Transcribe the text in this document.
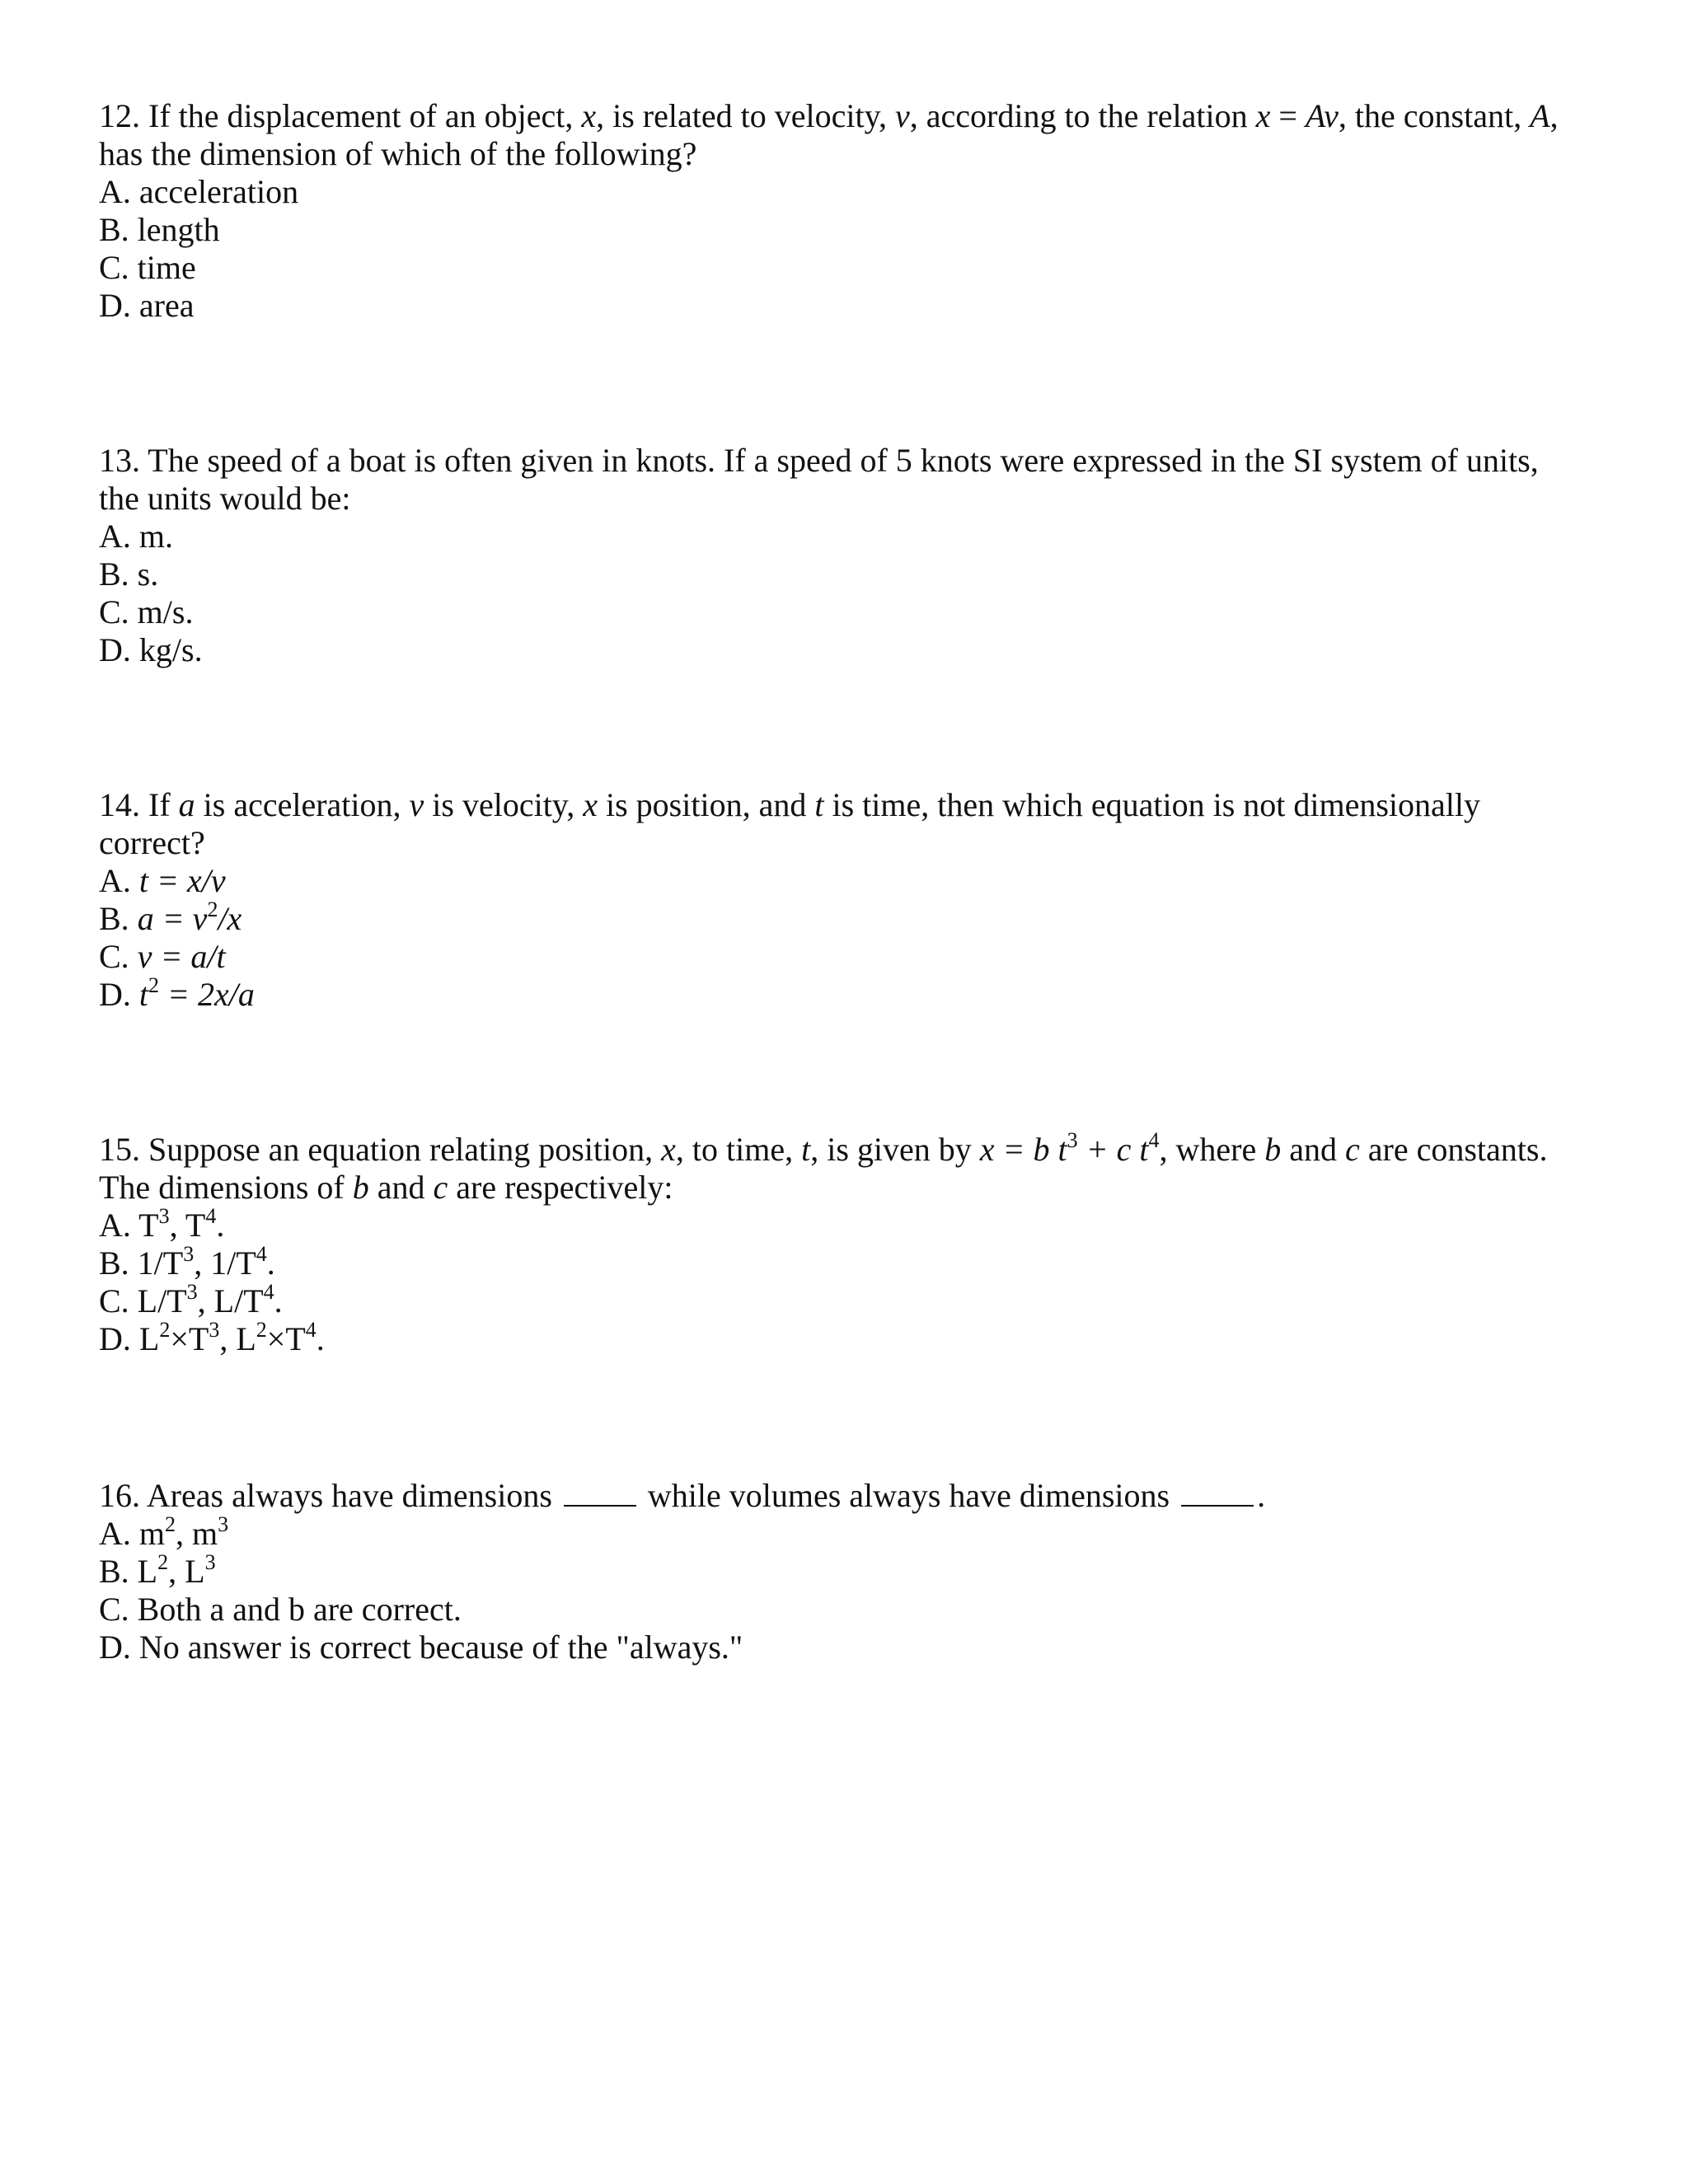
12. If the displacement of an object, x, is related to velocity, v, according to the relation x = Av, the constant, A,
has the dimension of which of the following?
A. acceleration
B. length
C. time
D. area
13. The speed of a boat is often given in knots. If a speed of 5 knots were expressed in the SI system of units,
the units would be:
A. m.
B. s.
C. m/s.
D. kg/s.
14. If a is acceleration, v is velocity, x is position, and t is time, then which equation is not dimensionally
correct?
A. t = x/v
B. $a = v^2/x$
C. v = a/t
D. $t^2 = 2x/a$
15. Suppose an equation relating position, x, to time, t, is given by x = b $t^3 + c$ $t^4$, where b and c are constants.
The dimensions of b and c are respectively:
A. $T^3$, $T^4$.
B. $1/T^3$, $1/T^4$.
C. $L/T^3$, $L/T^4$.
D. $L^2\times T^3$, $L^2\times T^4$.
16. Areas always have dimensions  while volumes always have dimensions .
A. $m^2$, $m^3$
B. $L^2$, $L^3$
C. Both a and b are correct.
D. No answer is correct because of the "always."
